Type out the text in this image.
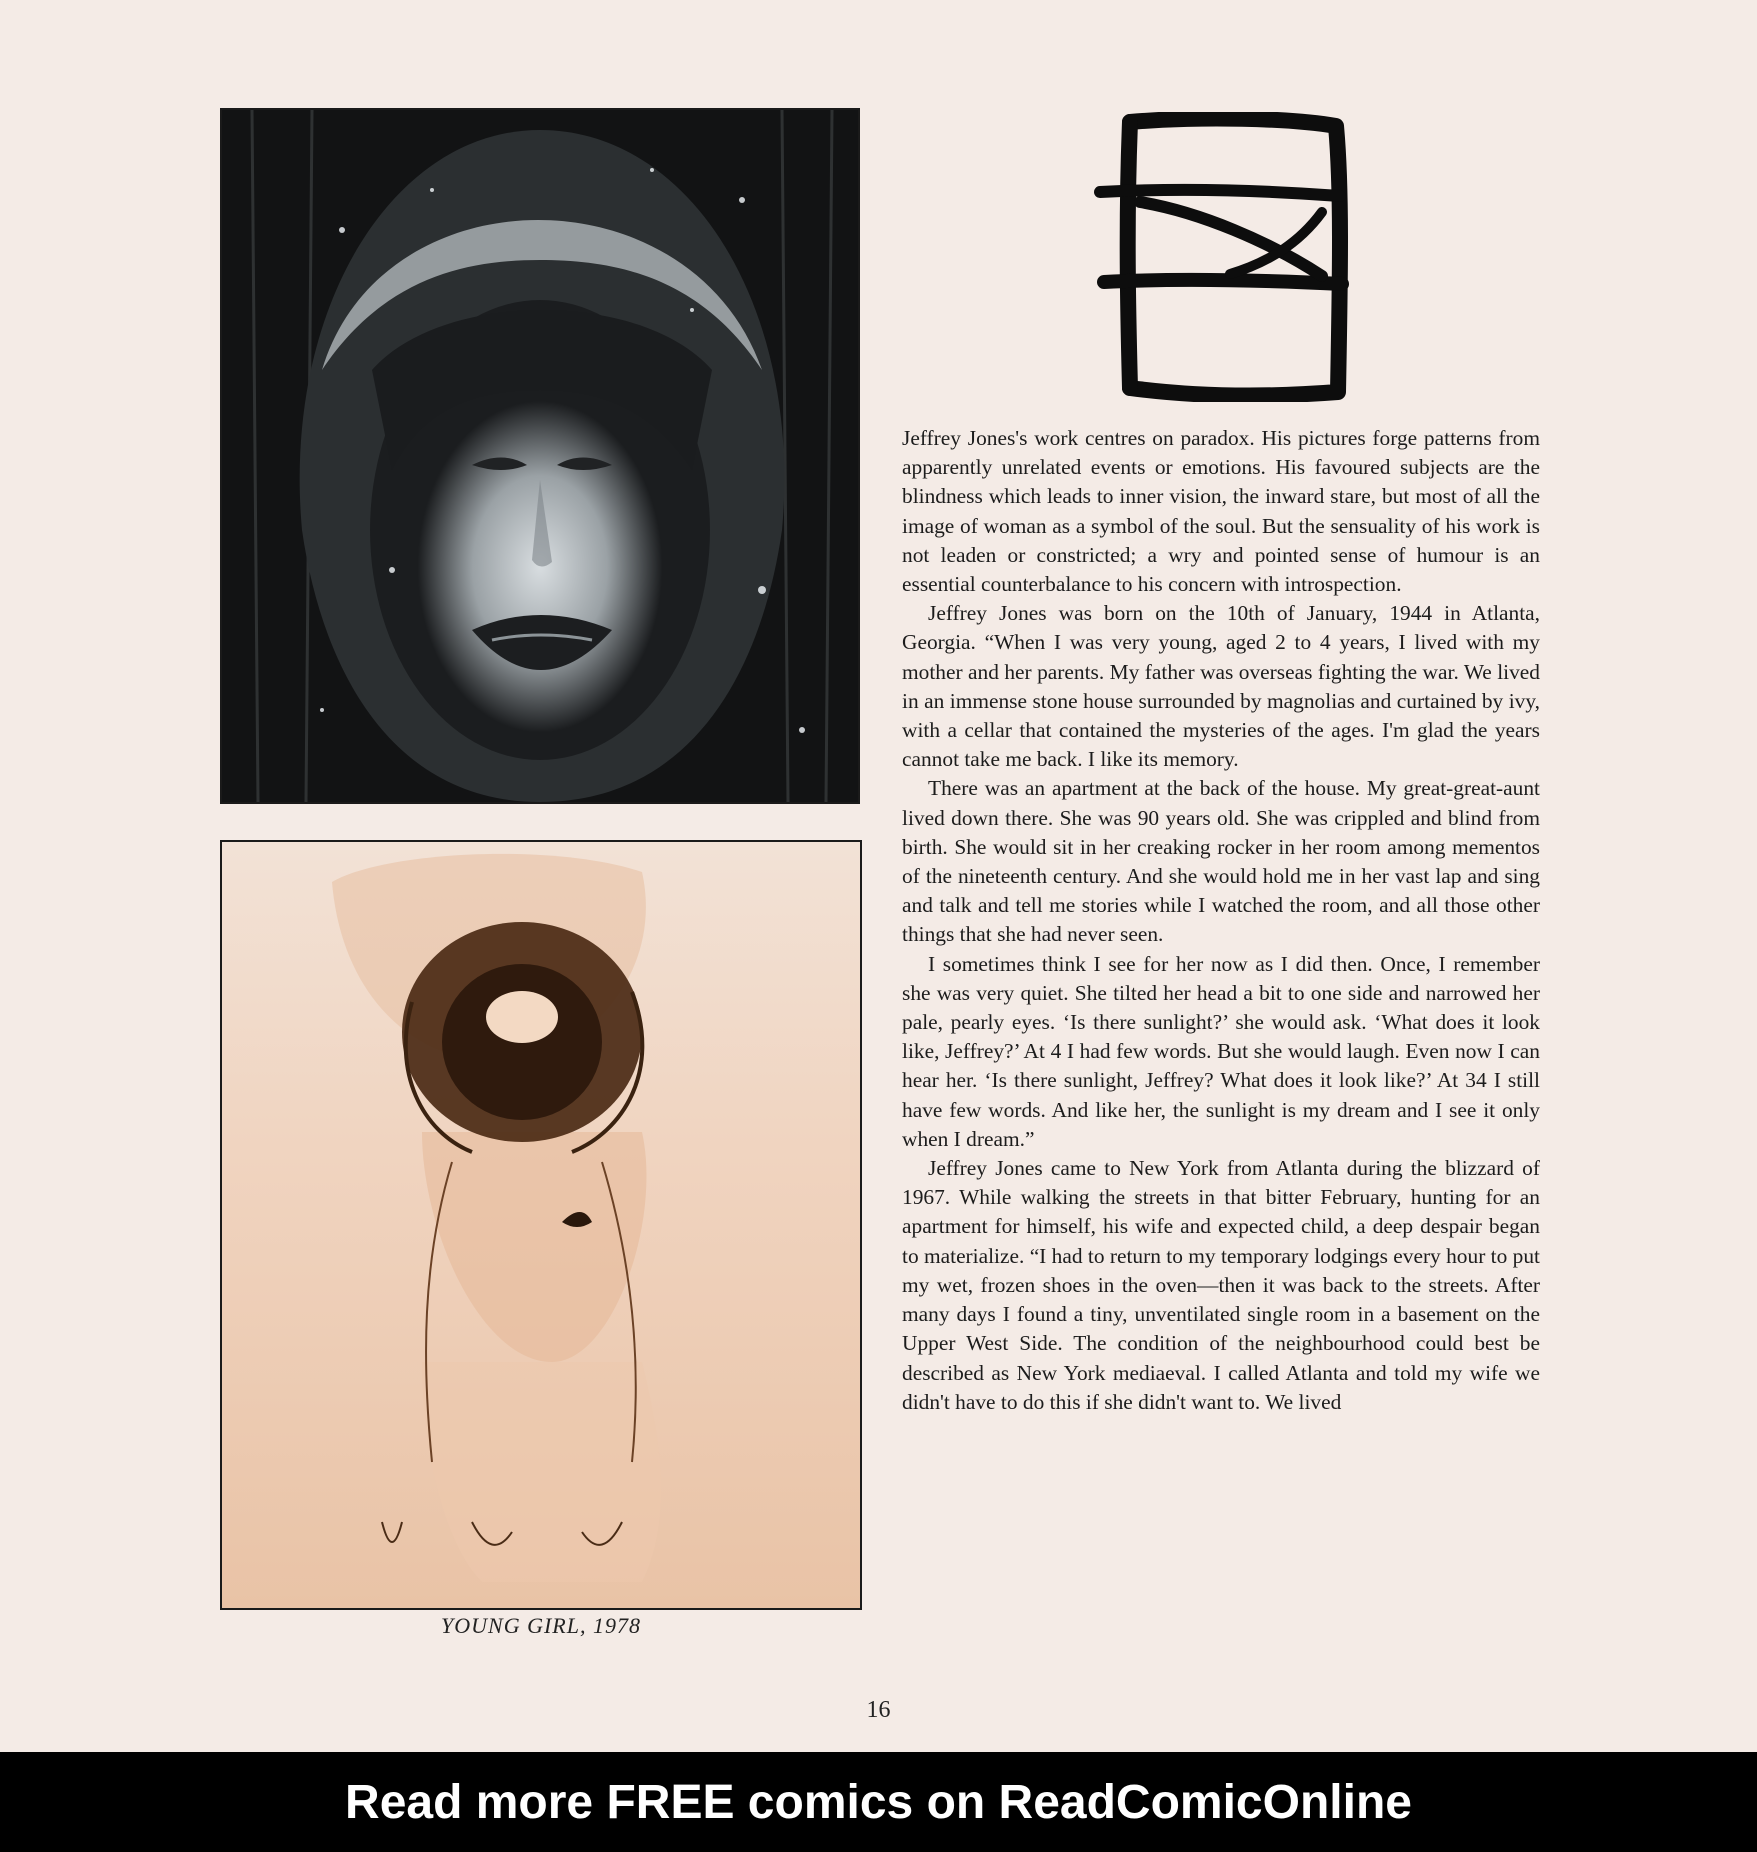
YOUNG GIRL, 1978

Jeffrey Jones's work centres on paradox. His pictures forge patterns from apparently unrelated events or emotions. His favoured subjects are the blindness which leads to inner vision, the inward stare, but most of all the image of woman as a symbol of the soul. But the sensuality of his work is not leaden or constricted; a wry and pointed sense of humour is an essential counterbalance to his concern with introspection.

Jeffrey Jones was born on the 10th of January, 1944 in Atlanta, Georgia. “When I was very young, aged 2 to 4 years, I lived with my mother and her parents. My father was overseas fighting the war. We lived in an immense stone house surrounded by magnolias and curtained by ivy, with a cellar that contained the mysteries of the ages. I'm glad the years cannot take me back. I like its memory.

There was an apartment at the back of the house. My great-great-aunt lived down there. She was 90 years old. She was crippled and blind from birth. She would sit in her creaking rocker in her room among mementos of the nineteenth century. And she would hold me in her vast lap and sing and talk and tell me stories while I watched the room, and all those other things that she had never seen.

I sometimes think I see for her now as I did then. Once, I remember she was very quiet. She tilted her head a bit to one side and narrowed her pale, pearly eyes. ‘Is there sunlight?’ she would ask. ‘What does it look like, Jeffrey?’ At 4 I had few words. But she would laugh. Even now I can hear her. ‘Is there sunlight, Jeffrey? What does it look like?’ At 34 I still have few words. And like her, the sunlight is my dream and I see it only when I dream.”

Jeffrey Jones came to New York from Atlanta during the blizzard of 1967. While walking the streets in that bitter February, hunting for an apartment for himself, his wife and expected child, a deep despair began to materialize. “I had to return to my temporary lodgings every hour to put my wet, frozen shoes in the oven—then it was back to the streets. After many days I found a tiny, unventilated single room in a basement on the Upper West Side. The condition of the neighbourhood could best be described as New York mediaeval. I called Atlanta and told my wife we didn't have to do this if she didn't want to. We lived

16
Read more FREE comics on ReadComicOnline
